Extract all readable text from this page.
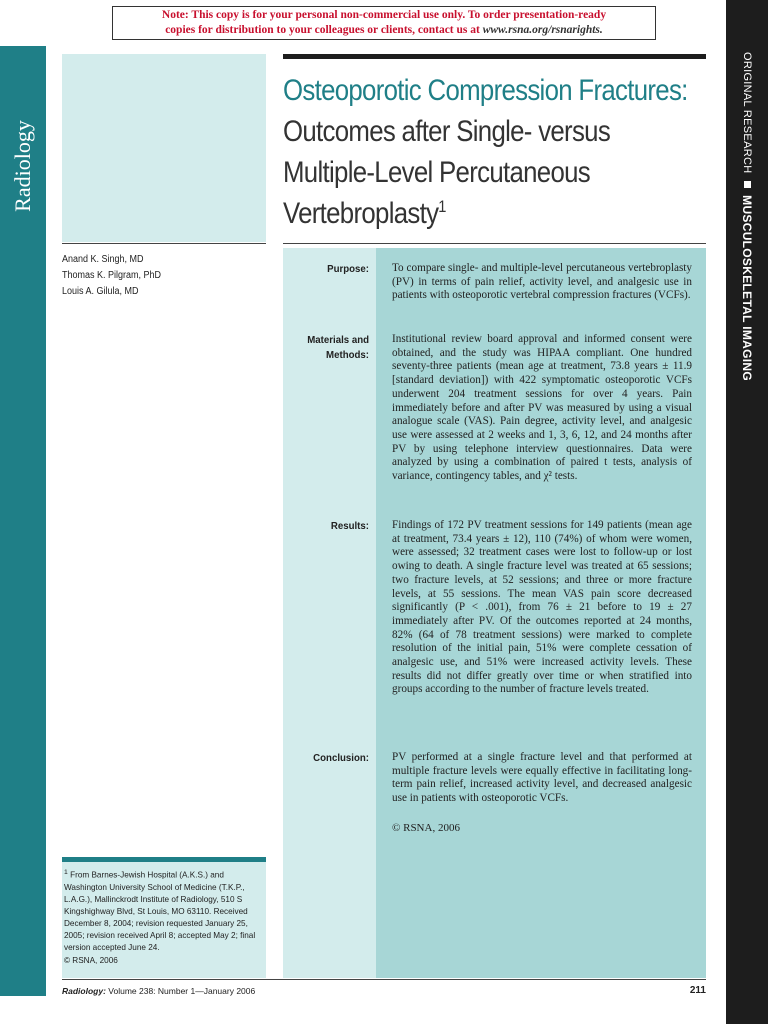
Note: This copy is for your personal non-commercial use only. To order presentation-ready
copies for distribution to your colleagues or clients, contact us at www.rsna.org/rsnarights.
Radiology	ORIGINAL RESEARCH  MUSCULOSKELETAL IMAGING
Osteoporotic Compression Fractures: Outcomes after Single- versus Multiple-Level Percutaneous Vertebroplasty$^1$
Anand K. Singh, MD
Thomas K. Pilgram, PhD
Louis A. Gilula, MD
Purpose: To compare single- and multiple-level percutaneous vertebroplasty (PV) in terms of pain relief, activity level, and analgesic use in patients with osteoporotic vertebral compression fractures (VCFs).
Materials and Methods:
Institutional review board approval and informed consent were obtained, and the study was HIPAA compliant. One hundred seventy-three patients (mean age at treatment, 73.8 years ± 11.9 [standard deviation]) with 422 symptomatic osteoporotic VCFs underwent 204 treatment sessions for over 4 years. Pain immediately before and after PV was measured by using a visual analogue scale (VAS). Pain degree, activity level, and analgesic use were assessed at 2 weeks and 1, 3, 6, 12, and 24 months after PV by using telephone interview questionnaires. Data were analyzed by using a combination of paired t tests, analysis of variance, contingency tables, and χ² tests.
Results: Findings of 172 PV treatment sessions for 149 patients (mean age at treatment, 73.4 years ± 12), 110 (74%) of whom were women, were assessed; 32 treatment cases were lost to follow-up or lost owing to death. A single fracture level was treated at 65 sessions; two fracture levels, at 52 sessions; and three or more fracture levels, at 55 sessions. The mean VAS pain score decreased significantly (P < .001), from 76 ± 21 before to 19 ± 27 immediately after PV. Of the outcomes reported at 24 months, 82% (64 of 78 treatment sessions) were marked to complete resolution of the initial pain, 51% were complete cessation of analgesic use, and 51% were increased activity levels. These results did not differ greatly over time or when stratified into groups according to the number of fracture levels treated.
Conclusion: PV performed at a single fracture level and that performed at multiple fracture levels were equally effective in facilitating long-term pain relief, increased activity level, and decreased analgesic use in patients with osteoporotic VCFs.
© RSNA, 2006
$^1$ From Barnes-Jewish Hospital (A.K.S.) and Washington University School of Medicine (T.K.P., L.A.G.), Mallinckrodt Institute of Radiology, 510 S Kingshighway Blvd, St Louis, MO 63110. Received December 8, 2004; revision requested January 25, 2005; revision received April 8; accepted May 2; final version accepted June 24.
© RSNA, 2006
Radiology: Volume 238: Number 1—January 2006	211
